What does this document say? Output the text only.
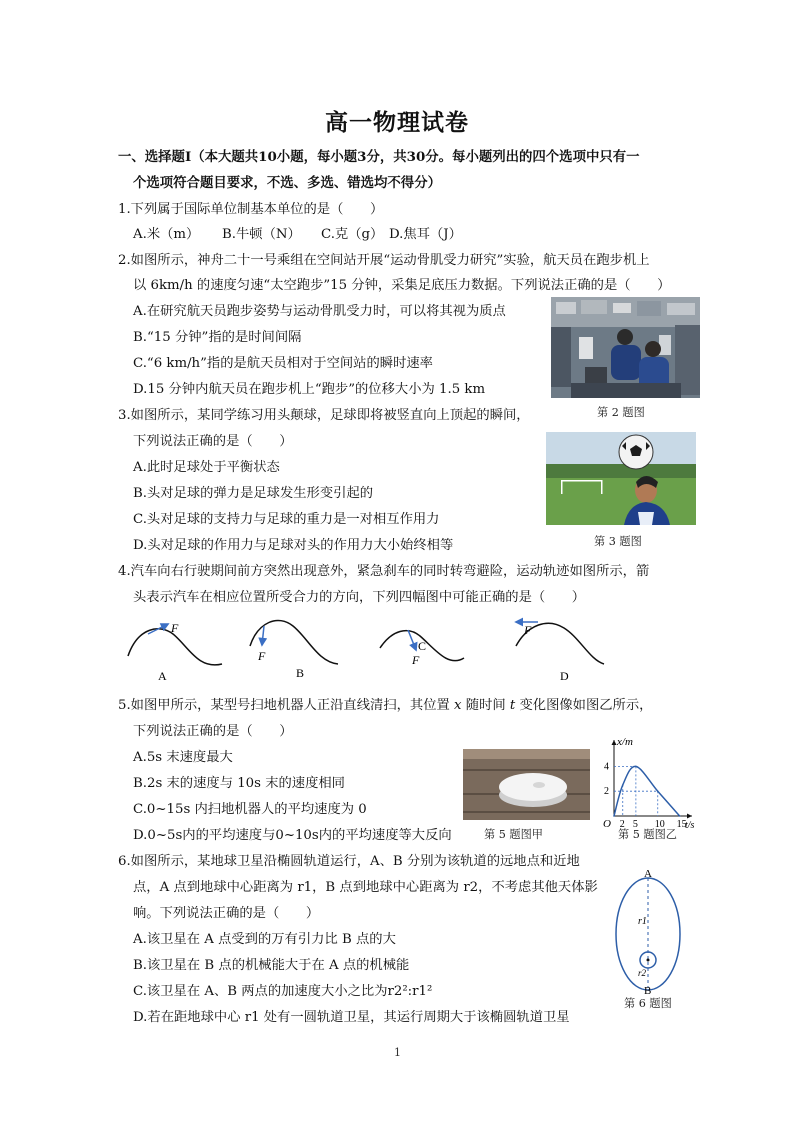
高一物理试卷
一、选择题Ⅰ（本大题共10小题，每小题3分，共30分。每小题列出的四个选项中只有一
个选项符合题目要求，不选、多选、错选均不得分）
1.下列属于国际单位制基本单位的是（　　）
A.米（m） B.牛顿（N） C.克（g） D.焦耳（J）
2.如图所示，神舟二十一号乘组在空间站开展“运动骨肌受力研究”实验，航天员在跑步机上
以 6km/h 的速度匀速“太空跑步”15 分钟，采集足底压力数据。下列说法正确的是（　　）
A.在研究航天员跑步姿势与运动骨肌受力时，可以将其视为质点
B.“15 分钟”指的是时间间隔
C.“6 km/h”指的是航天员相对于空间站的瞬时速率
D.15 分钟内航天员在跑步机上“跑步”的位移大小为 1.5 km
第 2 题图
3.如图所示，某同学练习用头颠球，足球即将被竖直向上顶起的瞬间，
下列说法正确的是（　　）
A.此时足球处于平衡状态
B.头对足球的弹力是足球发生形变引起的
C.头对足球的支持力与足球的重力是一对相互作用力
D.头对足球的作用力与足球对头的作用力大小始终相等	第 3 题图
4.汽车向右行驶期间前方突然出现意外，紧急刹车的同时转弯避险，运动轨迹如图所示，箭
头表示汽车在相应位置所受合力的方向，下列四幅图中可能正确的是（　　）
F
A
F
B
F
C
F
D
5.如图甲所示，某型号扫地机器人正沿直线清扫，其位置 x 随时间 t 变化图像如图乙所示，
下列说法正确的是（　　）
A.5s 末速度最大
B.2s 末的速度与 10s 末的速度相同
C.0~15s 内扫地机器人的平均速度为 0
D.0~5s内的平均速度与0~10s内的平均速度等大反向	第 5 题图甲
x/m
t/s
O 2 5 10 15
2
4
第 5 题图乙
6.如图所示，某地球卫星沿椭圆轨道运行，A、B 分别为该轨道的远地点和近地
点，A 点到地球中心距离为 r1，B 点到地球中心距离为 r2，不考虑其他天体影
响。下列说法正确的是（　　）
A.该卫星在 A 点受到的万有引力比 B 点的大
B.该卫星在 B 点的机械能大于在 A 点的机械能
C.该卫星在 A、B 两点的加速度大小之比为r2²:r1²
D.若在距地球中心 r1 处有一圆轨道卫星，其运行周期大于该椭圆轨道卫星
A
r1
r2
B
第 6 题图
1
